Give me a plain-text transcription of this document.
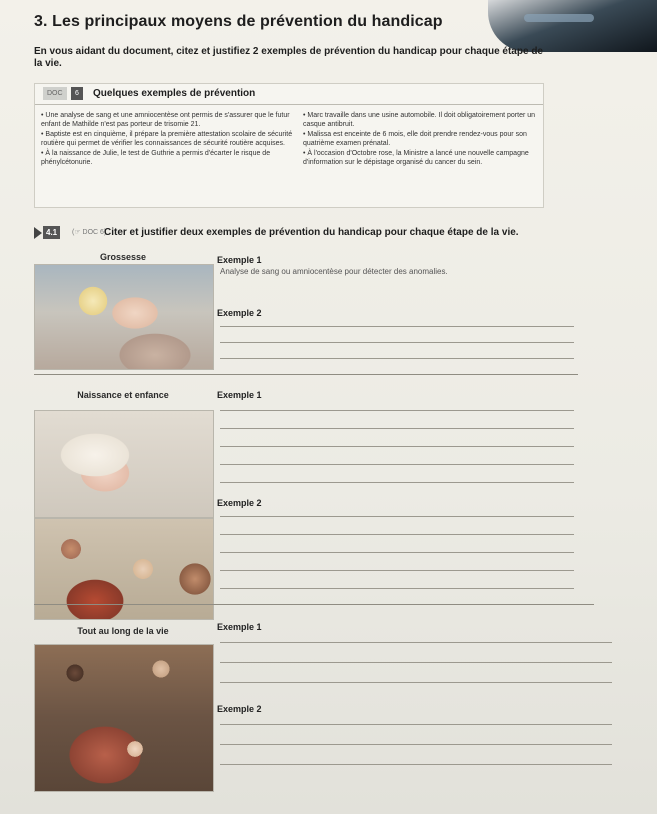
3. Les principaux moyens de prévention du handicap
En vous aidant du document, citez et justifiez 2 exemples de prévention du handicap pour chaque étape de la vie.
DOC	6	Quelques exemples de prévention

• Une analyse de sang et une amniocentèse ont permis de s'assurer que le futur enfant de Mathilde n'est pas porteur de trisomie 21.

• Baptiste est en cinquième, il prépare la première attestation scolaire de sécurité routière qui permet de vérifier les connaissances de sécurité routière acquises.

• À la naissance de Julie, le test de Guthrie a permis d'écarter le risque de phénylcétonurie.

• Marc travaille dans une usine automobile. Il doit obligatoirement porter un casque antibruit.

• Malissa est enceinte de 6 mois, elle doit prendre rendez-vous pour son quatrième examen prénatal.

• À l'occasion d'Octobre rose, la Ministre a lancé une nouvelle campagne d'information sur le dépistage organisé du cancer du sein.

4.1	(☞ DOC 6)
Citer et justifier deux exemples de prévention du handicap pour chaque étape de la vie.
Grossesse	Exemple 1
Analyse de sang ou amniocentèse pour détecter des anomalies.
Exemple 2
Naissance et enfance	Exemple 1
Exemple 2
Tout au long de la vie	Exemple 1
Exemple 2
